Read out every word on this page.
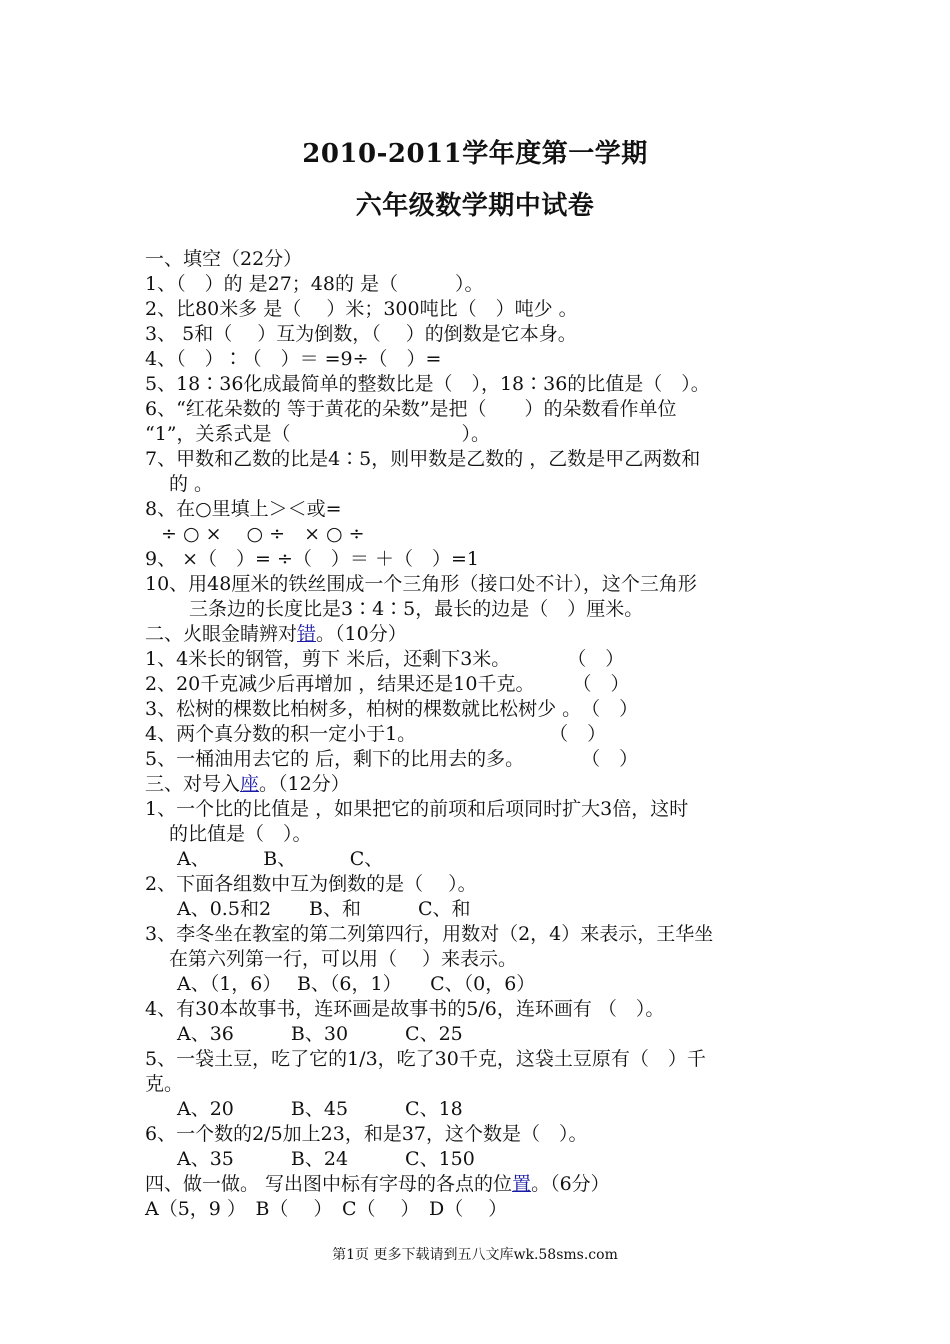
2010-2011学年度第一学期
六年级数学期中试卷
一、填空（22分）
1、（　）的 是27；48的 是（　　　）。
2、比80米多 是（　 ）米；300吨比（　）吨少 。
3、 5和（　 ）互为倒数，（　 ）的倒数是它本身。
4、（　）∶（　）＝ =9÷（　）=
5、18∶36化成最简单的整数比是（　），18∶36的比值是（　）。
6、“红花朵数的 等于黄花的朵数”是把（　　）的朵数看作单位
“1”，关系式是（　　　　　　　　　）。
7、甲数和乙数的比是4∶5，则甲数是乙数的 ，乙数是甲乙两数和
的 。
8、在○里填上＞＜或=
÷ ○ ×　 ○ ÷　× ○ ÷
9、 ×（　）= ÷（　）＝ ＋（　）=1
10、用48厘米的铁丝围成一个三角形（接口处不计），这个三角形
三条边的长度比是3∶4∶5，最长的边是（　）厘米。
二、火眼金睛辨对错。（10分）
1、4米长的钢管，剪下 米后，还剩下3米。　　　　（　）
2、20千克减少后再增加 ，结果还是10千克。　　　（　）
3、松树的棵数比柏树多，柏树的棵数就比松树少 。　（　）
4、两个真分数的积一定小于1。　　　　　　　　（　）
5、一桶油用去它的 后，剩下的比用去的多。　　　　（　）
三、对号入座。（12分）
1、一个比的比值是 ，如果把它的前项和后项同时扩大3倍，这时
的比值是（　）。
A、　　　 B、　　　 C、
2、下面各组数中互为倒数的是（　 ）。
A、0.5和2　　B、和　　　C、和
3、李冬坐在教室的第二列第四行，用数对（2，4）来表示，王华坐
在第六列第一行，可以用（　 ）来表示。
A、（1，6）　 B、（6，1）　　C、（0，6）
4、有30本故事书，连环画是故事书的5/6，连环画有 （　）。
A、36　　　B、30　　　C、25
5、一袋土豆，吃了它的1/3，吃了30千克，这袋土豆原有（　）千
克。
A、20　　　B、45　　　C、18
6、一个数的2/5加上23，和是37，这个数是（　）。
A、35　　　B、24　　　C、150
四、做一做。 写出图中标有字母的各点的位置。（6分）
A（5，9 ）　B（　 ）　C（　 ）　D（　 ）
第1页 更多下载请到五八文库wk.58sms.com
